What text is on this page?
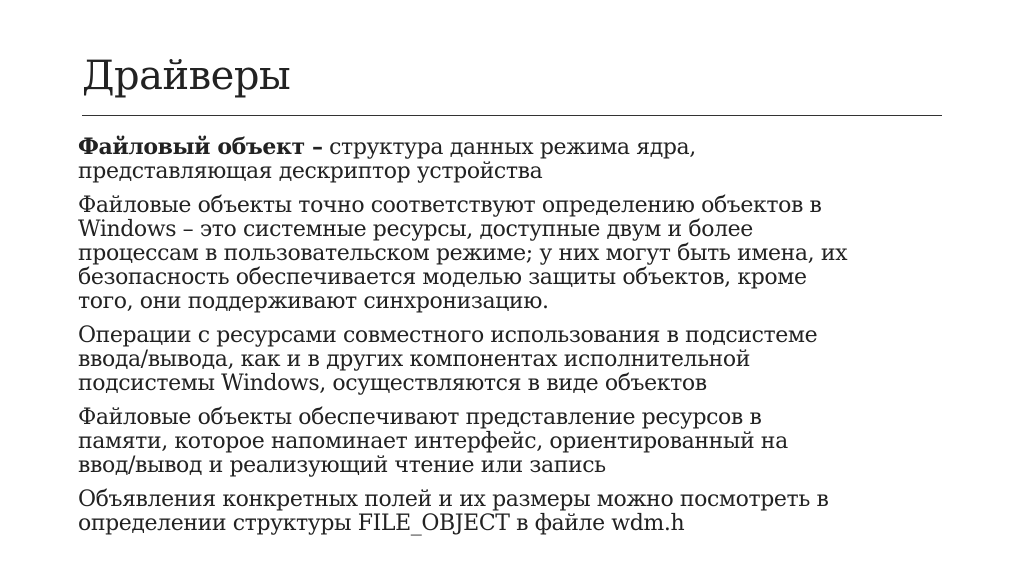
Драйверы

Файловый объект – структура данных режима ядра,
представляющая дескриптор устройства

Файловые объекты точно соответствуют определению объектов в
Windows – это системные ресурсы, доступные двум и более
процессам в пользовательском режиме; у них могут быть имена, их
безопасность обеспечивается моделью защиты объектов, кроме
того, они поддерживают синхронизацию.

Операции с ресурсами совместного использования в подсистеме
ввода/вывода, как и в других компонентах исполнительной
подсистемы Windows, осуществляются в виде объектов

Файловые объекты обеспечивают представление ресурсов в
памяти, которое напоминает интерфейс, ориентированный на
ввод/вывод и реализующий чтение или запись

Объявления конкретных полей и их размеры можно посмотреть в
определении структуры FILE_OBJECT в файле wdm.h
